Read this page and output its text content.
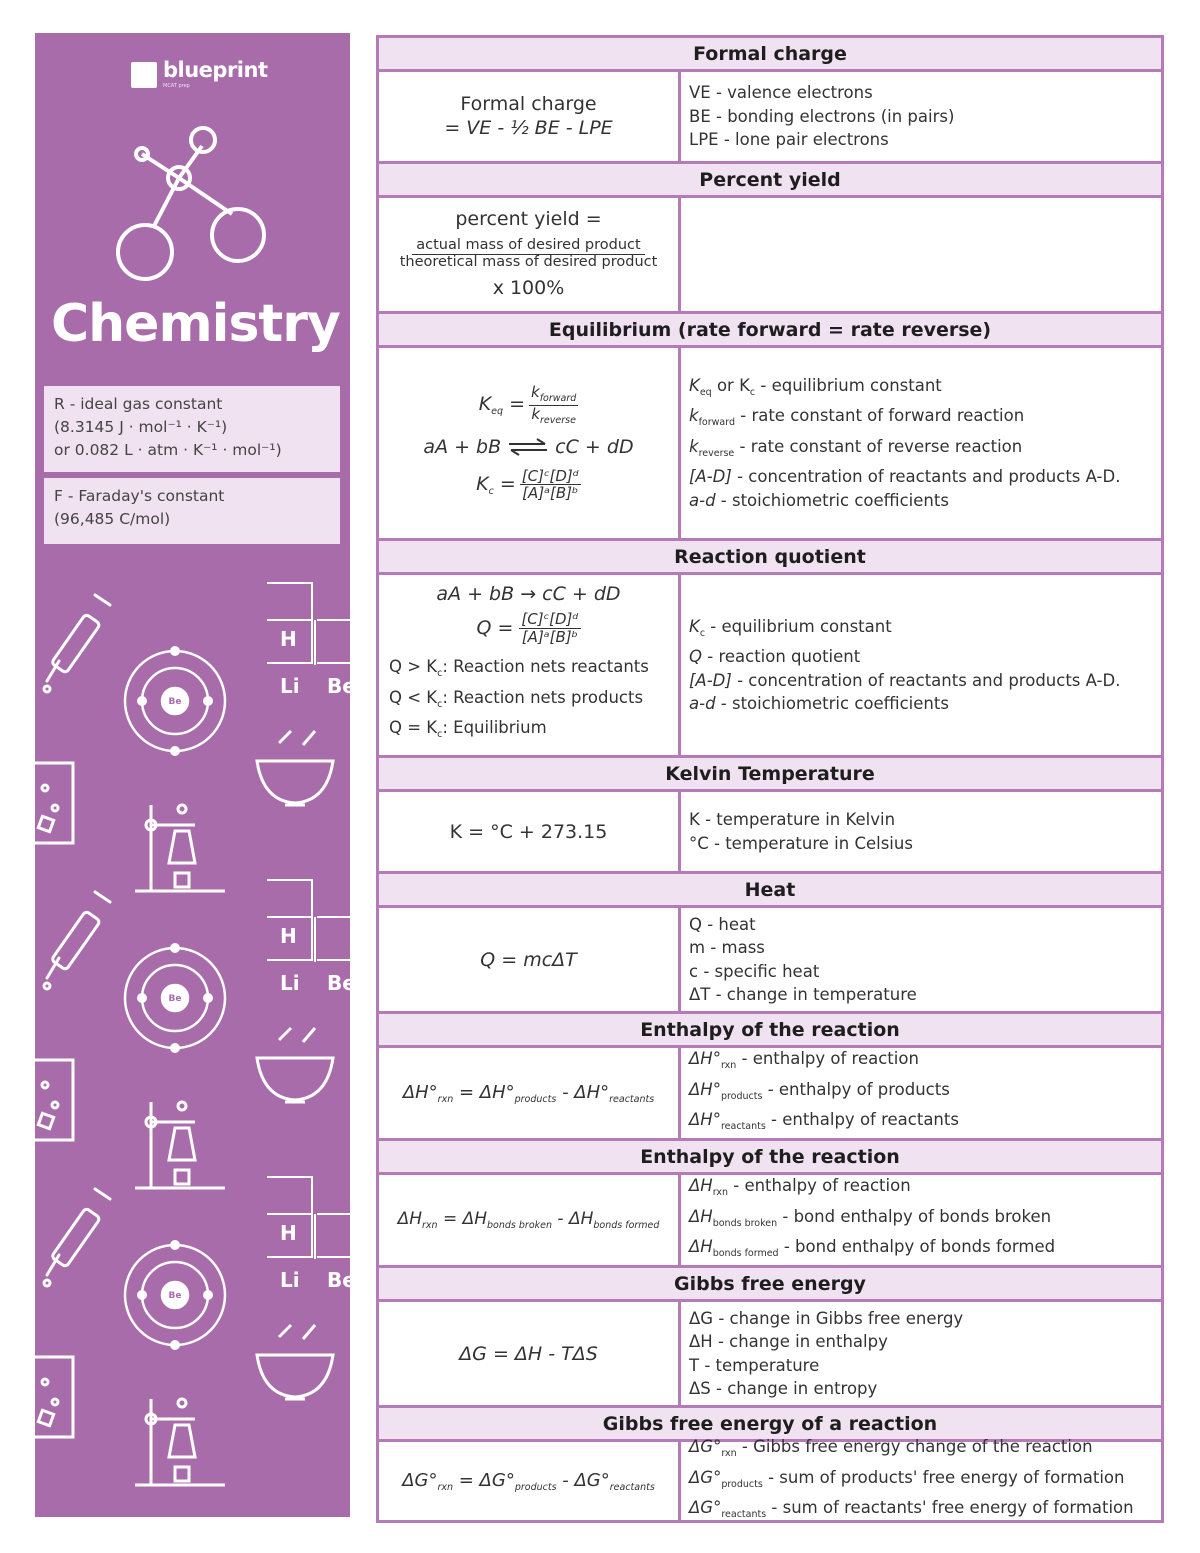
blueprint
MCAT prep
Chemistry
R - ideal gas constant
(8.3145 J · mol⁻¹ · K⁻¹)
or 0.082 L · atm · K⁻¹ · mol⁻¹)
F - Faraday's constant
(96,485 C/mol)
H
Li Be
H
Li Be
H
Li Be
H
Be
Be
Be
Formal charge
Formal charge
= VE - ½ BE - LPE
VE - valence electrons
BE - bonding electrons (in pairs)
LPE - lone pair electrons
Percent yield
percent yield =
$\frac{\text{actual mass of desired product}}{\text{theoretical mass of desired product}}$
x 100%
Equilibrium (rate forward = rate reverse)
$K_{eq} = \frac{k_{forward}}{k_{reverse}}$
aA + bB ⇌ cC + dD
$K_c = \frac{\text{[C]ᶜ[D]ᵈ}}{\text{[A]ᵃ[B]ᵇ}}$
$K_{eq}$ or $K_c$ - equilibrium constant
$k_{forward}$ - rate constant of forward reaction
$k_{reverse}$ - rate constant of reverse reaction
[A-D] - concentration of reactants and products A-D.
a-d - stoichiometric coefficients
Reaction quotient
aA + bB → cC + dD
$Q = \frac{\text{[C]ᶜ[D]ᵈ}}{\text{[A]ᵃ[B]ᵇ}}$
$Q > K_c$: Reaction nets reactants
$Q < K_c$: Reaction nets products
$Q = K_c$: Equilibrium
$K_c$ - equilibrium constant
Q - reaction quotient
[A-D] - concentration of reactants and products A-D.
a-d - stoichiometric coefficients
Kelvin Temperature
K = °C + 273.15
K - temperature in Kelvin
°C - temperature in Celsius
Heat
Q = mcΔT
Q - heat
m - mass
c - specific heat
ΔT - change in temperature
Enthalpy of the reaction
$\Delta H^\circ_{rxn} = \Delta H^\circ_{products} - \Delta H^\circ_{reactants}$
$\Delta H^\circ_{rxn}$ - enthalpy of reaction
$\Delta H^\circ_{products}$ - enthalpy of products
$\Delta H^\circ_{reactants}$ - enthalpy of reactants
Enthalpy of the reaction
$\Delta H_{rxn} = \Delta H_{bonds broken} - \Delta H_{bonds formed}$
$\Delta H_{rxn}$ - enthalpy of reaction
$\Delta H_{bonds broken}$ - bond enthalpy of bonds broken
$\Delta H_{bonds formed}$ - bond enthalpy of bonds formed
Gibbs free energy
ΔG = ΔH - TΔS
ΔG - change in Gibbs free energy
ΔH - change in enthalpy
T - temperature
ΔS - change in entropy
Gibbs free energy of a reaction
$\Delta G^\circ_{rxn} = \Delta G^\circ_{products} - \Delta G^\circ_{reactants}$
$\Delta G^\circ_{rxn}$ - Gibbs free energy change of the reaction
$\Delta G^\circ_{products}$ - sum of products' free energy of formation
$\Delta G^\circ_{reactants}$ - sum of reactants' free energy of formation
